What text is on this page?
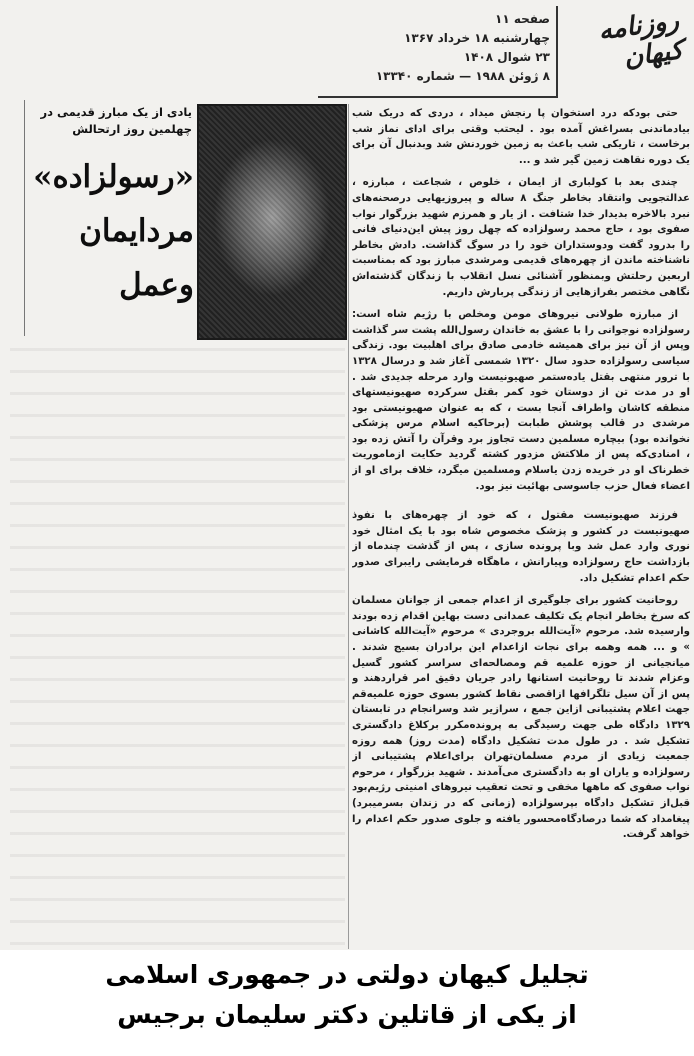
روزنامه کیهان
صفحه ۱۱
چهارشنبه ۱۸ خرداد ۱۳۶۷
۲۳ شوال ۱۴۰۸
۸ ژوئن ۱۹۸۸ — شماره ۱۳۳۴۰
یادی از یک مبارز قدیمی در چهلمین روز ارتحالش
«رسولزاده»
مردایمان
وعمل

حتی بودکه درد استخوان پا رنجش میداد ، دردی که دریک شب بیادماندنی بسراغش آمده بود . لیحتب وقتی برای ادای نماز شب برخاست ، تاریکی شب باعث به زمین خوردنش شد وبدنبال آن برای یک دوره نقاهت زمین گیر شد و ...

چندی بعد با کولباری از ایمان ، خلوص ، شجاعت ، مبارزه ، عدالتجویی وانتقاد بخاطر جنگ ۸ ساله و پیروزیهایی درصحنه‌های نبرد بالاخره بدیدار خدا شتافت . از یار و همرزم شهید بزرگوار نواب صفوی بود ، حاج محمد رسولزاده که چهل روز پیش این‌دنیای فانی را بدرود گفت ودوستداران خود را در سوگ گذاشت. دادش بخاطر ناشناخته ماندن از چهره‌های قدیمی ومرشدی مبارز بود که بمناسبت اربعین رحلتش وبمنظور آشنائی نسل انقلاب با زندگان گذشته‌اش نگاهی مختصر بفرازهایی از زندگی پربارش داریم.

از مبارزه طولانی نیروهای مومن ومخلص با رژیم شاه است: رسولزاده نوجوانی را با عشق به خاندان رسول‌الله پشت سر گذاشت وپس از آن نیز برای همیشه خادمی صادق برای اهلبیت بود. زندگی سیاسی رسولزاده حدود سال ۱۳۲۰ شمسی آغاز شد و درسال ۱۳۲۸ با ترور منتهی بقتل یاده‌ستمر صهیونیست وارد مرحله جدیدی شد . او در مدت تن از دوستان خود کمر بقتل سرکرده صهیونیستهای منطقه کاشان واطراف آنجا بست ، که به عنوان صهیونیستی بود مرشدی در قالب پوشش طبابت (برحاکیه اسلام مرس پزشکی نخوانده بود) بیچاره مسلمین دست تجاوز برد وقرآن را آتش زده بود ، امنادی‌که پس از ملاکتش مزدور کشته گردید حکایت ازماموریت خطرناک او در خریده زدن یاسلام ومسلمین میگرد، خلاف برای او از اعضاء فعال حزب جاسوسی بهائیت نیز بود.

فرزند صهیونیست مقتول ، که خود از چهره‌های با نفوذ صهیونیست در کشور و پزشک مخصوص شاه بود با یک امثال خود نوری وارد عمل شد وبا پرونده سازی ، پس از گذشت چندماه از بازداشت حاج رسولزاده وپیارانش ، ماهگاه فرمایشی رایبرای صدور حکم اعدام تشکیل داد.

روحانیت کشور برای جلوگیری از اعدام جمعی از جوانان مسلمان که سرخ بخاطر انجام یک تکلیف عمدانی دست بهاین اقدام زده بودند وارسیده شد. مرحوم «آیت‌الله بروجردی » مرحوم «آیت‌الله کاشانی » و ... همه وهمه برای نجات ازاعدام این برادران بسیج شدند . میانجیانی از حوزه علمیه قم ومصالحه‌ای سراسر کشور گسیل وعزام شدند تا روحانیت استانها رادر جریان دقیق امر قراردهند و پس از آن سیل تلگرافها ازاقصی نقاط کشور بسوی حوزه علمیه‌قم جهت اعلام پشتیبانی ازاین جمع ، سرازیر شد وسرانجام در تابستان ۱۳۲۹ دادگاه طی جهت رسیدگی به پرونده‌مکرر برکلاغ دادگستری تشکیل شد . در طول مدت تشکیل دادگاه (مدت روز) همه روزه جمعیت زیادی از مردم مسلمان‌تهران برای‌اعلام پشتیبانی از رسولزاده و یاران او به دادگستری می‌آمدند . شهید بزرگوار ، مرحوم نواب صفوی که ماهها مخفی و تحت تعقیب نیروهای امنیتی رژیم‌بود قبل‌از تشکیل دادگاه بپرسولزاده (زمانی که در زندان بسرمیبرد) پیغامداد که شما درصادگاه‌محسور یافته و جلوی صدور حکم اعدام را خواهد گرفت.

تجلیل کیهان دولتی در جمهوری اسلامی
از یکی از قاتلین دکتر سلیمان برجیس
